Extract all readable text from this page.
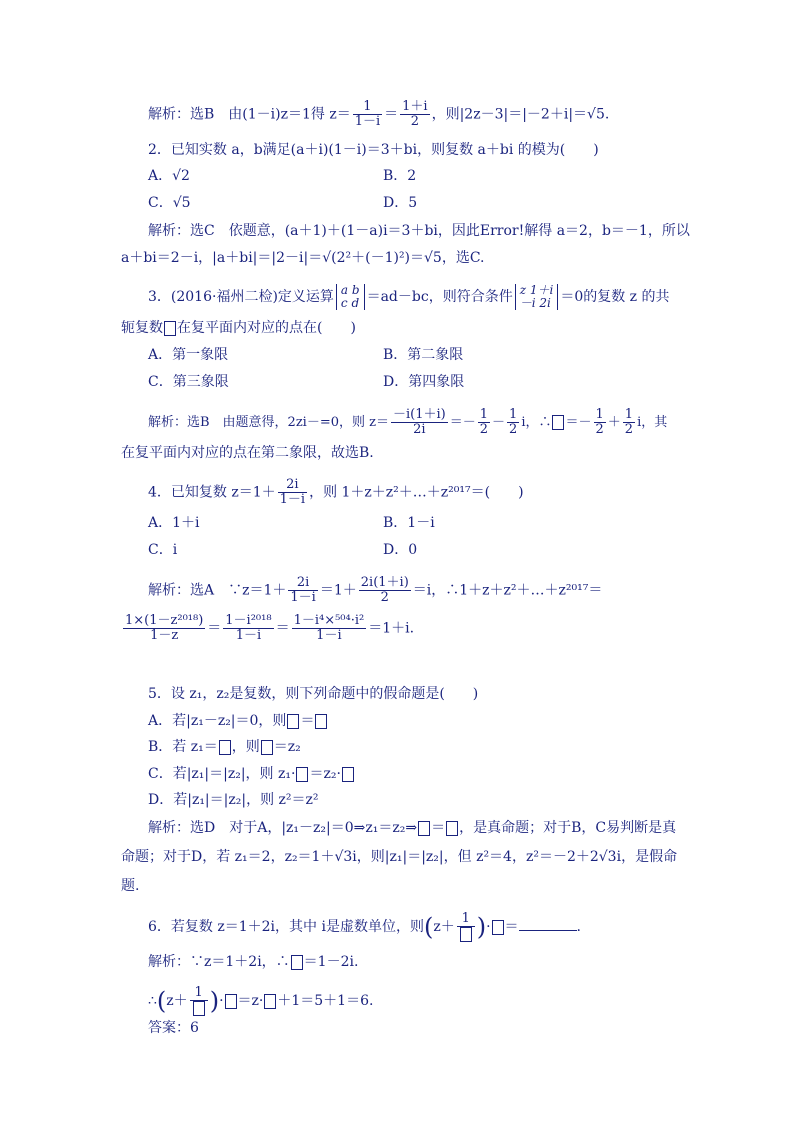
解析：选B　由(1－i)z＝1得 $z= \frac{1}{1-i} = \frac{1+i}{2}$ ，则|2z－3|＝|－2＋i|＝√5.
2．已知实数 a，b满足(a＋i)(1－i)＝3＋bi，则复数 a＋bi 的模为(　　)
A．√2	B．2
C．√5	D．5
解析：选C　依题意，(a＋1)＋(1－a)i＝3＋bi，因此Error!解得 a＝2，b＝－1，所以
a＋bi＝2－i，|a＋bi|＝|2－i|＝√(2²＋(－1)²)＝√5，选C.
3．(2016·福州二检)定义运算 a b
c d ＝ad－bc，则符合条件 z 1＋i
－i 2i ＝0的复数 z 的共
轭复数 在复平面内对应的点在(　　)
A．第一象限	B．第二象限
C．第三象限	D．第四象限
解析：选B　由题意得，2zi－=0，则 $z= \frac{-i(1+i)}{2i} =- \frac{1}{2} - \frac{1}{2}$ i，∴ ＝－ $\frac{1}{2} + \frac{1}{2}$ i，其
在复平面内对应的点在第二象限，故选B.
4．已知复数 $z=1+ \frac{2i}{1-i}$ ，则 1＋z＋z²＋…＋z²⁰¹⁷＝(　　)
A．1＋i	B．1－i
C．i	D．0
解析：选A　∵z＝1＋ $\frac{2i}{1-i} =1+ \frac{2i(1+i)}{2} =i$，∴1＋z＋z²＋…＋z²⁰¹⁷＝
$\frac{\text{1×(1－z²⁰¹⁸)}}{1-z} = \frac{\text{1－i²⁰¹⁸}}{1-i} = \frac{\text{1－i⁴×⁵⁰⁴·i²}}{1-i} =1+i$.
5．设 z₁，z₂是复数，则下列命题中的假命题是(　　)
A．若|z₁－z₂|＝0，则 ＝
B．若 z₁＝ ，则 ＝z₂
C．若|z₁|＝|z₂|，则 z₁· ＝z₂·
D．若|z₁|＝|z₂|，则 z²＝z²
解析：选D　对于A，|z₁－z₂|＝0⇒z₁＝z₂⇒ ＝ ，是真命题；对于B，C易判断是真
命题；对于D，若 z₁＝2，z₂＝1＋√3i，则|z₁|＝|z₂|，但 z²＝4，z²＝－2＋2√3i，是假命
题.
6．若复数 z＝1＋2i，其中 i是虚数单位，则(z＋
1 )· ＝	.
解析：∵z＝1＋2i，∴ ＝1－2i.
∴(z＋
1 )· ＝z· ＋1＝5＋1＝6.
答案：6
